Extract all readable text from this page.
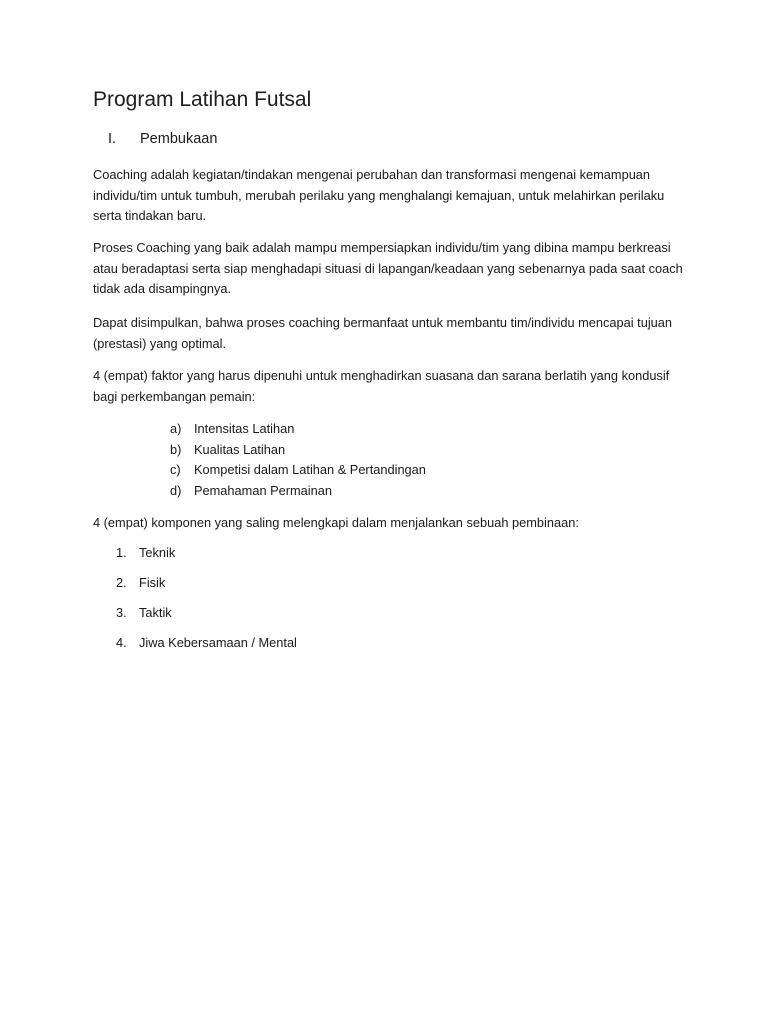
Program Latihan Futsal
I. Pembukaan

Coaching adalah kegiatan/tindakan mengenai perubahan dan transformasi mengenai kemampuan individu/tim untuk tumbuh, merubah perilaku yang menghalangi kemajuan, untuk melahirkan perilaku serta tindakan baru.

Proses Coaching yang baik adalah mampu mempersiapkan individu/tim yang dibina mampu berkreasi atau beradaptasi serta siap menghadapi situasi di lapangan/keadaan yang sebenarnya pada saat coach tidak ada disampingnya.

Dapat disimpulkan, bahwa proses coaching bermanfaat untuk membantu tim/individu mencapai tujuan (prestasi) yang optimal.

4 (empat) faktor yang harus dipenuhi untuk menghadirkan suasana dan sarana berlatih yang kondusif bagi perkembangan pemain:

a) Intensitas Latihan
b) Kualitas Latihan
c) Kompetisi dalam Latihan & Pertandingan
d) Pemahaman Permainan

4 (empat) komponen yang saling melengkapi dalam menjalankan sebuah pembinaan:

1. Teknik
2. Fisik
3. Taktik
4. Jiwa Kebersamaan / Mental
